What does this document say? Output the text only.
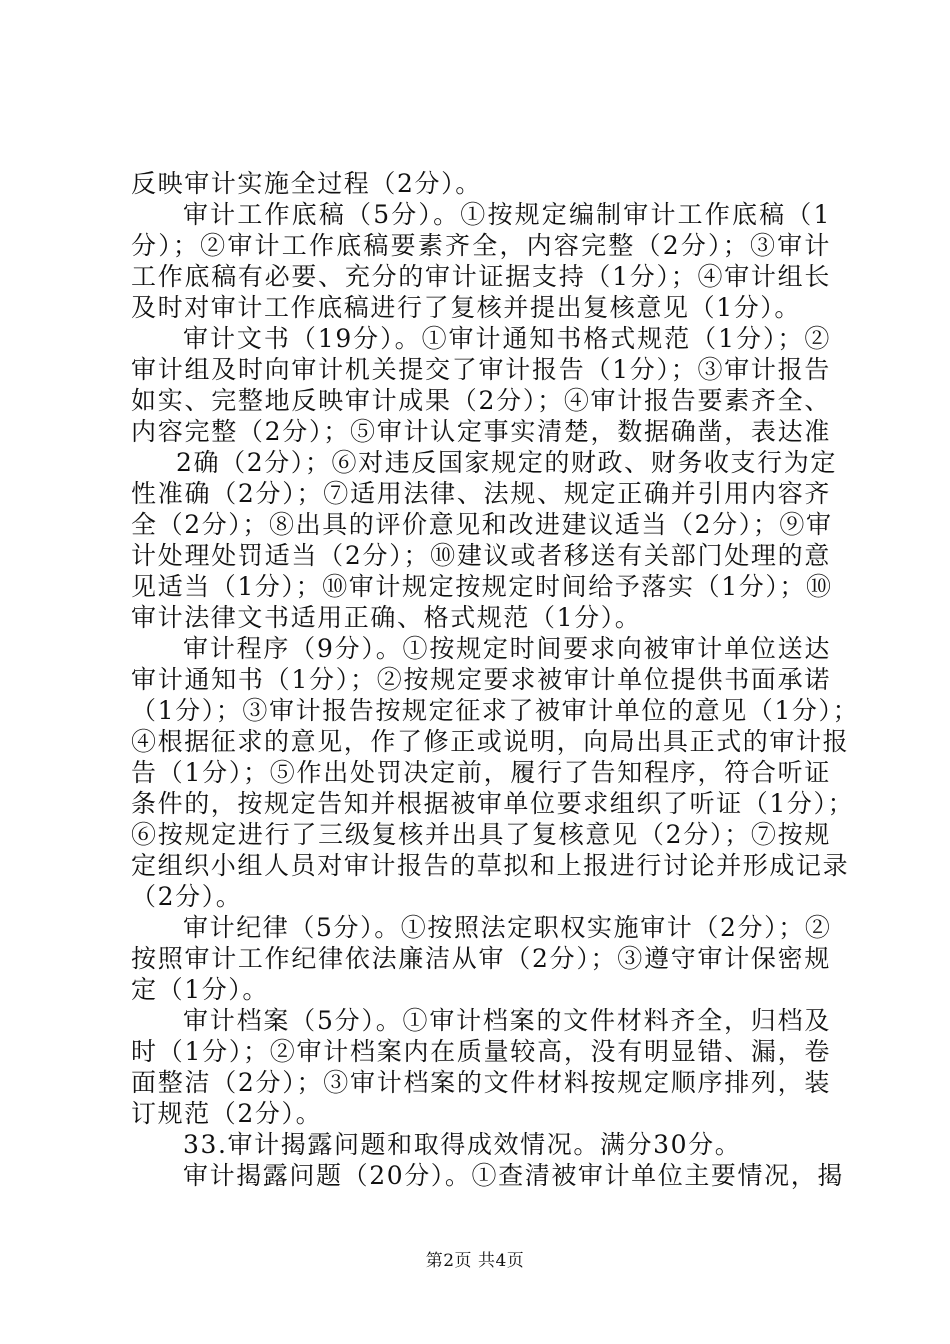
反映审计实施全过程（2分）。
审计工作底稿（5分）。①按规定编制审计工作底稿（1
分）；②审计工作底稿要素齐全，内容完整（2分）；③审计
工作底稿有必要、充分的审计证据支持（1分）；④审计组长
及时对审计工作底稿进行了复核并提出复核意见（1分）。
审计文书（19分）。①审计通知书格式规范（1分）；②
审计组及时向审计机关提交了审计报告（1分）；③审计报告
如实、完整地反映审计成果（2分）；④审计报告要素齐全、
内容完整（2分）；⑤审计认定事实清楚，数据确凿，表达准
2确（2分）；⑥对违反国家规定的财政、财务收支行为定
性准确（2分）；⑦适用法律、法规、规定正确并引用内容齐
全（2分）；⑧出具的评价意见和改进建议适当（2分）；⑨审
计处理处罚适当（2分）；⑩建议或者移送有关部门处理的意
见适当（1分）；⑩审计规定按规定时间给予落实（1分）；⑩
审计法律文书适用正确、格式规范（1分）。
审计程序（9分）。①按规定时间要求向被审计单位送达
审计通知书（1分）；②按规定要求被审计单位提供书面承诺
（1分）；③审计报告按规定征求了被审计单位的意见（1分）；
④根据征求的意见，作了修正或说明，向局出具正式的审计报
告（1分）；⑤作出处罚决定前，履行了告知程序，符合听证
条件的，按规定告知并根据被审单位要求组织了听证（1分）；
⑥按规定进行了三级复核并出具了复核意见（2分）；⑦按规
定组织小组人员对审计报告的草拟和上报进行讨论并形成记录
（2分）。
审计纪律（5分）。①按照法定职权实施审计（2分）；②
按照审计工作纪律依法廉洁从审（2分）；③遵守审计保密规
定（1分）。
审计档案（5分）。①审计档案的文件材料齐全，归档及
时（1分）；②审计档案内在质量较高，没有明显错、漏，卷
面整洁（2分）；③审计档案的文件材料按规定顺序排列，装
订规范（2分）。
33.审计揭露问题和取得成效情况。满分30分。
审计揭露问题（20分）。①查清被审计单位主要情况，揭
第2页 共4页
